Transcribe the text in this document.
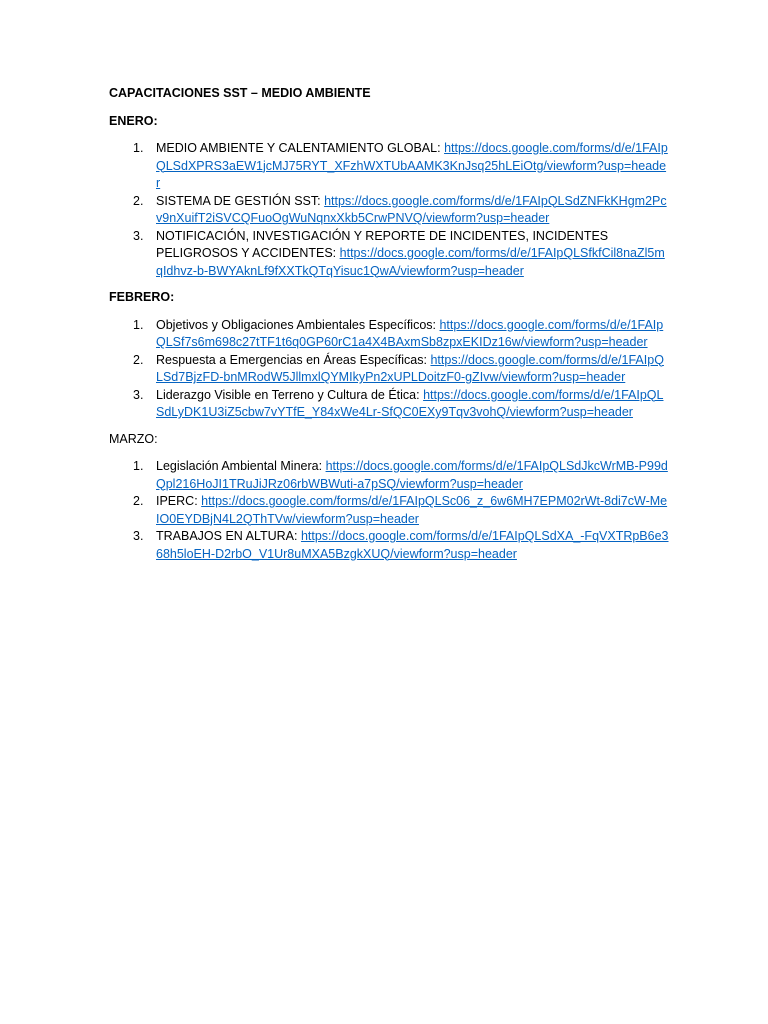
CAPACITACIONES SST – MEDIO AMBIENTE
ENERO:
1. MEDIO AMBIENTE Y CALENTAMIENTO GLOBAL: https://docs.google.com/forms/d/e/1FAIpQLSdXPRS3aEW1jcMJ75RYT_XFzhWXTUbAAMK3KnJsq25hLEiOtg/viewform?usp=header
2. SISTEMA DE GESTIÓN SST: https://docs.google.com/forms/d/e/1FAIpQLSdZNFkKHgm2Pcv9nXuifT2iSVCQFuoOgWuNqnxXkb5CrwPNVQ/viewform?usp=header
3. NOTIFICACIÓN, INVESTIGACIÓN Y REPORTE DE INCIDENTES, INCIDENTES PELIGROSOS Y ACCIDENTES: https://docs.google.com/forms/d/e/1FAIpQLSfkfCil8naZl5mqIdhvz-b-BWYAknLf9fXXTkQTqYisuc1QwA/viewform?usp=header
FEBRERO:
1. Objetivos y Obligaciones Ambientales Específicos: https://docs.google.com/forms/d/e/1FAIpQLSf7s6m698c27tTF1t6q0GP60rC1a4X4BAxmSb8zpxEKIDz16w/viewform?usp=header
2. Respuesta a Emergencias en Áreas Específicas: https://docs.google.com/forms/d/e/1FAIpQLSd7BjzFD-bnMRodW5JllmxlQYMIkyPn2xUPLDoitzF0-gZIvw/viewform?usp=header
3. Liderazgo Visible en Terreno y Cultura de Ética: https://docs.google.com/forms/d/e/1FAIpQLSdLyDK1U3iZ5cbw7vYTfE_Y84xWe4Lr-SfQC0EXy9Tqv3vohQ/viewform?usp=header
MARZO:
1. Legislación Ambiental Minera: https://docs.google.com/forms/d/e/1FAIpQLSdJkcWrMB-P99dQpl216HoJI1TRuJiJRz06rbWBWuti-a7pSQ/viewform?usp=header
2. IPERC: https://docs.google.com/forms/d/e/1FAIpQLSc06_z_6w6MH7EPM02rWt-8di7cW-MeIO0EYDBjN4L2QThTVw/viewform?usp=header
3. TRABAJOS EN ALTURA: https://docs.google.com/forms/d/e/1FAIpQLSdXA_-FqVXTRpB6e368h5loEH-D2rbO_V1Ur8uMXA5BzgkXUQ/viewform?usp=header
